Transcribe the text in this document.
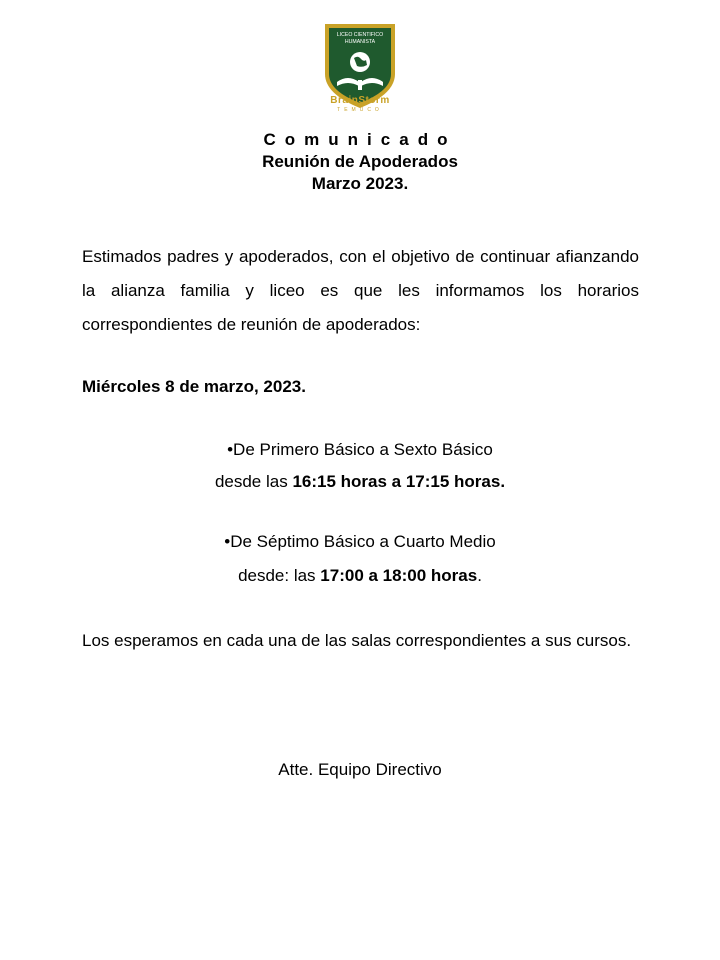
LICEO CIENTIFICO
HUMANISTA
BrainStorm
TEMUCO
Comunicado
Reunión de Apoderados
Marzo 2023.

Estimados padres y apoderados, con el objetivo de continuar afianzando la alianza familia y liceo es que les informamos los horarios correspondientes de reunión de apoderados:

Miércoles 8 de marzo, 2023.

•De Primero Básico a Sexto Básico

desde las 16:15 horas a 17:15 horas.

•De Séptimo Básico a Cuarto Medio

desde: las 17:00 a 18:00 horas.

Los esperamos en cada una de las salas correspondientes a sus cursos.

Atte. Equipo Directivo
